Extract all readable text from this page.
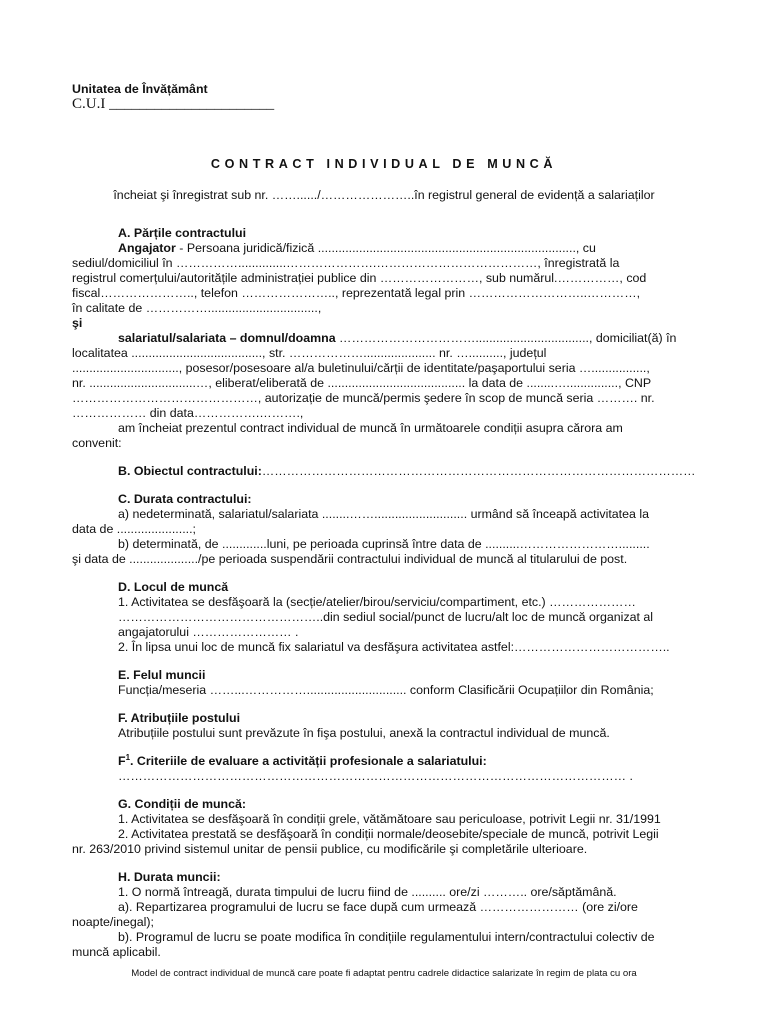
Unitatea de Învățământ
C.U.I ______________________
CONTRACT INDIVIDUAL DE MUNCĂ
încheiat şi înregistrat sub nr. ……....../…………………..în registrul general de evidență a salariaților

A. Părțile contractului

Angajator - Persoana juridică/fizică ..........................................................................., cu

sediul/domiciliul în ……………..............………………….…………………………………, înregistrată la

registrul comerțului/autoritățile administrației publice din ……………………, sub numărul.……………, cod

fiscal………………….., telefon ………………….., reprezentată legal prin ………………………..…………,

în calitate de ……………................................,

şi

salariatul/salariata – domnul/doamna ……………………………................................., domiciliat(ă) în

localitatea ......................................, str. ………………..................... nr. ….........., județul

..............................., posesor/posesoare al/a buletinului/cărții de identitate/paşaportului seria …................,

nr. ...............................…, eliberat/eliberată de ........................................ la data de ........…..............., CNP

………………………………………, autorizație de muncă/permis şedere în scop de muncă seria ………. nr.

……………… din data…………….……….,

am încheiat prezentul contract individual de muncă în următoarele condiții asupra cărora am

convenit:

B. Obiectul contractului:……………………………………………………………………………………………

C. Durata contractului:

a) nedeterminată, salariatul/salariata ........……........................... urmând să înceapă activitatea la

data de ......................;

b) determinată, de .............luni, pe perioada cuprinsă între data de ..........…………………….........

şi data de ..................../pe perioada suspendării contractului individual de muncă al titularului de post.

D. Locul de muncă

1. Activitatea se desfăşoară la (secție/atelier/birou/serviciu/compartiment, etc.) …………………

…………………………………………..din sediul social/punct de lucru/alt loc de muncă organizat al

angajatorului …………………… .

2. În lipsa unui loc de muncă fix salariatul va desfăşura activitatea astfel:………………………………..

E. Felul muncii

Funcția/meseria ……...……………............................. conform Clasificării Ocupațiilor din România;

F. Atribuțiile postului

Atribuțiile postului sunt prevăzute în fişa postului, anexă la contractul individual de muncă.

$F^1$. Criteriile de evaluare a activității profesionale a salariatului:

…………………………………………………………………………………………………………… .

G. Condiții de muncă:

1. Activitatea se desfăşoară în condiții grele, vătămătoare sau periculoase, potrivit Legii nr. 31/1991

2. Activitatea prestată se desfăşoară în condiții normale/deosebite/speciale de muncă, potrivit Legii

nr. 263/2010 privind sistemul unitar de pensii publice, cu modificările şi completările ulterioare.

H. Durata muncii:

1. O normă întreagă, durata timpului de lucru fiind de .......... ore/zi ……….. ore/săptămână.

a). Repartizarea programului de lucru se face după cum urmează …………………… (ore zi/ore

noapte/inegal);

b). Programul de lucru se poate modifica în condițiile regulamentului intern/contractului colectiv de

muncă aplicabil.

Model de contract individual de muncă care poate fi adaptat pentru cadrele didactice salarizate în regim de plata cu ora
